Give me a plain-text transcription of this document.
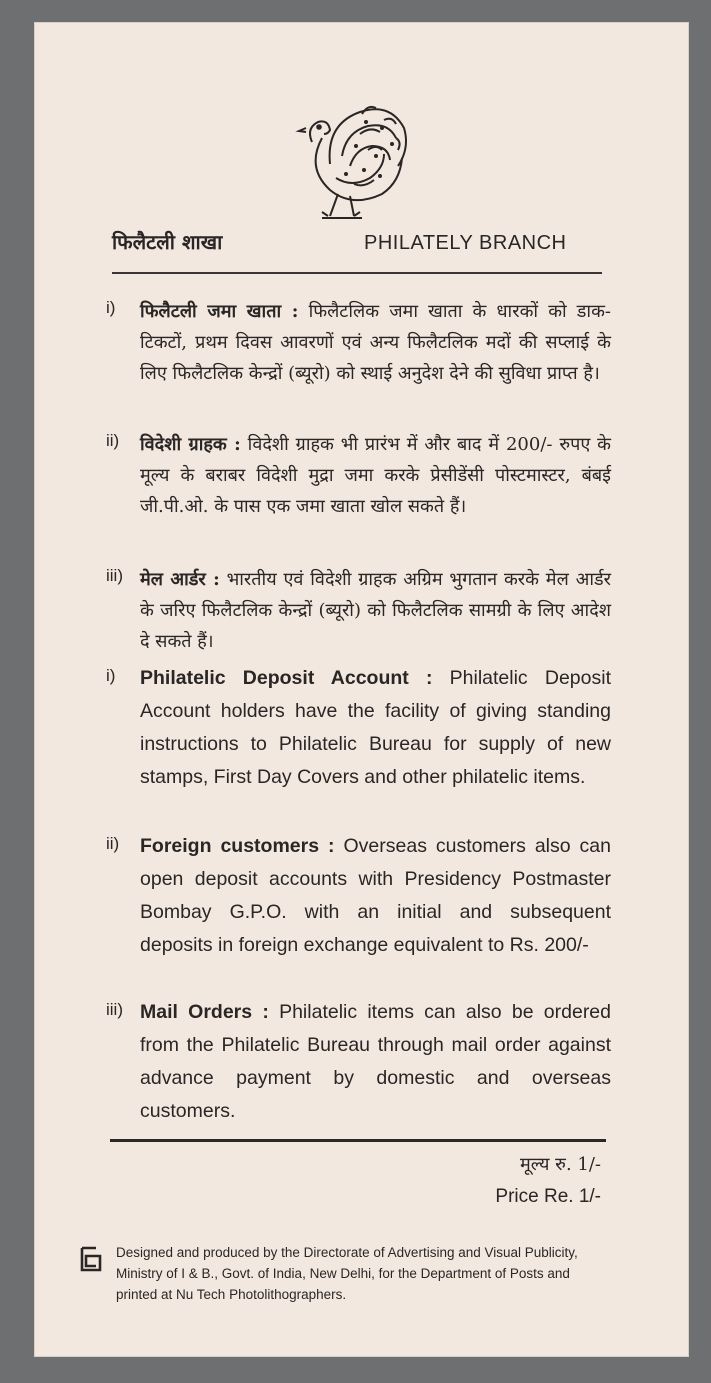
फिलैटली शाखा	PHILATELY BRANCH
i)	फिलैटली जमा खाता : फिलैटलिक जमा खाता के धारकों को डाक-टिकटों, प्रथम दिवस आवरणों एवं अन्य फिलैटलिक मदों की सप्लाई के लिए फिलैटलिक केन्द्रों (ब्यूरो) को स्थाई अनुदेश देने की सुविधा प्राप्त है।
ii)	विदेशी ग्राहक : विदेशी ग्राहक भी प्रारंभ में और बाद में 200/- रुपए के मूल्य के बराबर विदेशी मुद्रा जमा करके प्रेसीडेंसी पोस्टमास्टर, बंबई जी.पी.ओ. के पास एक जमा खाता खोल सकते हैं।
iii) मेल आर्डर : भारतीय एवं विदेशी ग्राहक अग्रिम भुगतान करके मेल आर्डर के जरिए फिलैटलिक केन्द्रों (ब्यूरो) को फिलैटलिक सामग्री के लिए आदेश दे सकते हैं।
i)	Philatelic Deposit Account : Philatelic Deposit Account holders have the facility of giving standing instructions to Philatelic Bureau for supply of new stamps, First Day Covers and other philatelic items.
ii)	Foreign customers : Overseas customers also can open deposit accounts with Presidency Postmaster Bombay G.P.O. with an initial and subsequent deposits in foreign exchange equivalent to Rs. 200/-
iii) Mail Orders : Philatelic items can also be ordered from the Philatelic Bureau through mail order against advance payment by domestic and overseas customers.
मूल्य रु. 1/-
Price Re. 1/-
Designed and produced by the Directorate of Advertising and Visual Publicity, Ministry of I & B., Govt. of India, New Delhi, for the Department of Posts and printed at Nu Tech Photolithographers.
